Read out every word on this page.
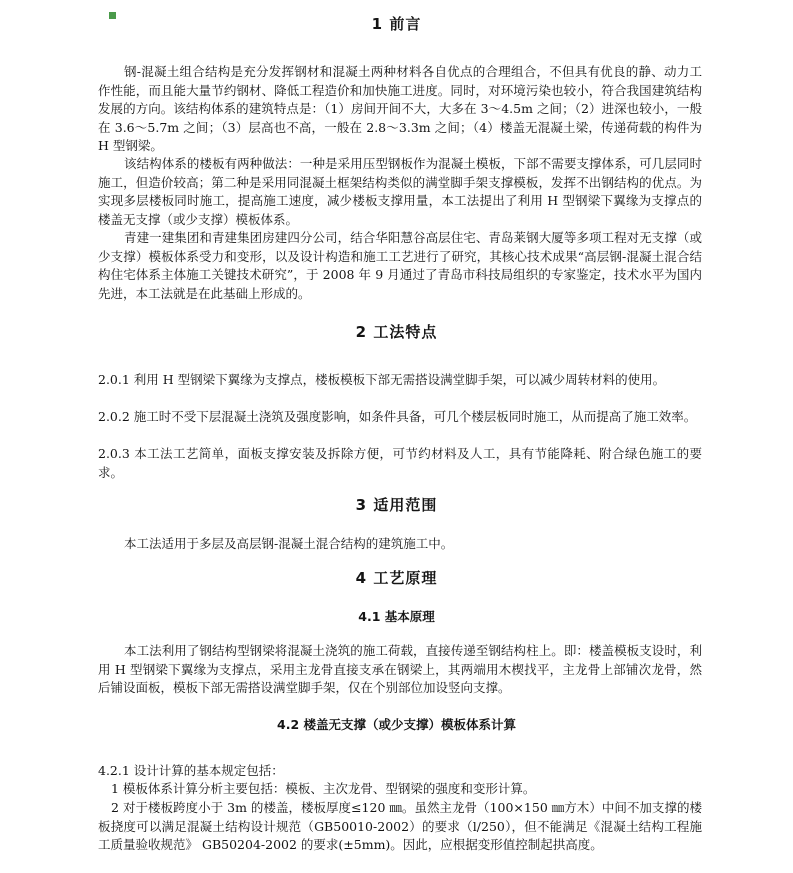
1 前言

钢-混凝土组合结构是充分发挥钢材和混凝土两种材料各自优点的合理组合，不但具有优良的静、动力工作性能，而且能大量节约钢材、降低工程造价和加快施工进度。同时，对环境污染也较小，符合我国建筑结构发展的方向。该结构体系的建筑特点是：（1）房间开间不大，大多在 3～4.5m 之间；（2）进深也较小，一般在 3.6～5.7m 之间；（3）层高也不高，一般在 2.8～3.3m 之间；（4）楼盖无混凝土梁，传递荷载的构件为 H 型钢梁。

该结构体系的楼板有两种做法：一种是采用压型钢板作为混凝土模板，下部不需要支撑体系，可几层同时施工，但造价较高；第二种是采用同混凝土框架结构类似的满堂脚手架支撑模板，发挥不出钢结构的优点。为实现多层楼板同时施工，提高施工速度，减少楼板支撑用量，本工法提出了利用 H 型钢梁下翼缘为支撑点的楼盖无支撑（或少支撑）模板体系。

青建一建集团和青建集团房建四分公司，结合华阳慧谷高层住宅、青岛莱钢大厦等多项工程对无支撑（或少支撑）模板体系受力和变形，以及设计构造和施工工艺进行了研究，其核心技术成果“高层钢-混凝土混合结构住宅体系主体施工关键技术研究”，于 2008 年 9 月通过了青岛市科技局组织的专家鉴定，技术水平为国内先进，本工法就是在此基础上形成的。

2 工法特点

2.0.1 利用 H 型钢梁下翼缘为支撑点，楼板模板下部无需搭设满堂脚手架，可以减少周转材料的使用。

2.0.2 施工时不受下层混凝土浇筑及强度影响，如条件具备，可几个楼层板同时施工，从而提高了施工效率。

2.0.3 本工法工艺简单，面板支撑安装及拆除方便，可节约材料及人工，具有节能降耗、附合绿色施工的要求。

3 适用范围

本工法适用于多层及高层钢-混凝土混合结构的建筑施工中。

4 工艺原理
4.1 基本原理

本工法利用了钢结构型钢梁将混凝土浇筑的施工荷载，直接传递至钢结构柱上。即：楼盖模板支设时，利用 H 型钢梁下翼缘为支撑点，采用主龙骨直接支承在钢梁上，其两端用木楔找平，主龙骨上部铺次龙骨，然后铺设面板，模板下部无需搭设满堂脚手架，仅在个别部位加设竖向支撑。

4.2 楼盖无支撑（或少支撑）模板体系计算

4.2.1 设计计算的基本规定包括：

1 模板体系计算分析主要包括：模板、主次龙骨、型钢梁的强度和变形计算。

2 对于楼板跨度小于 3m 的楼盖，楼板厚度≤120 ㎜。虽然主龙骨（100×150 ㎜方木）中间不加支撑的楼板挠度可以满足混凝土结构设计规范（GB50010-2002）的要求（l/250），但不能满足《混凝土结构工程施工质量验收规范》 GB50204-2002 的要求(±5mm)。因此，应根据变形值控制起拱高度。
